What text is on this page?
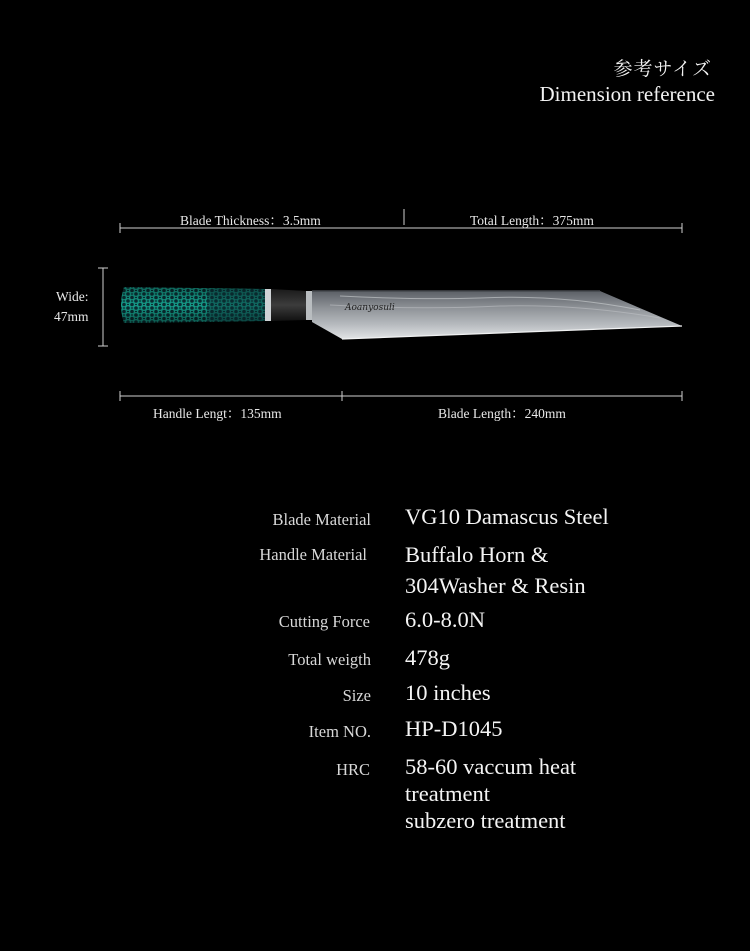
参考サイズ
Dimension reference
Aoanyosuli
Blade Thickness：3.5mm	Total Length：375mm
Wide:
47mm
Handle Lengt：135mm	Blade Length：240mm
Blade Material VG10 Damascus Steel
Handle Material Buffalo Horn &
304Washer & Resin
Cutting Force 6.0-8.0N
Total weigth 478g
Size 10 inches
Item NO. HP-D1045
HRC 58-60 vaccum heat
treatment
subzero treatment
